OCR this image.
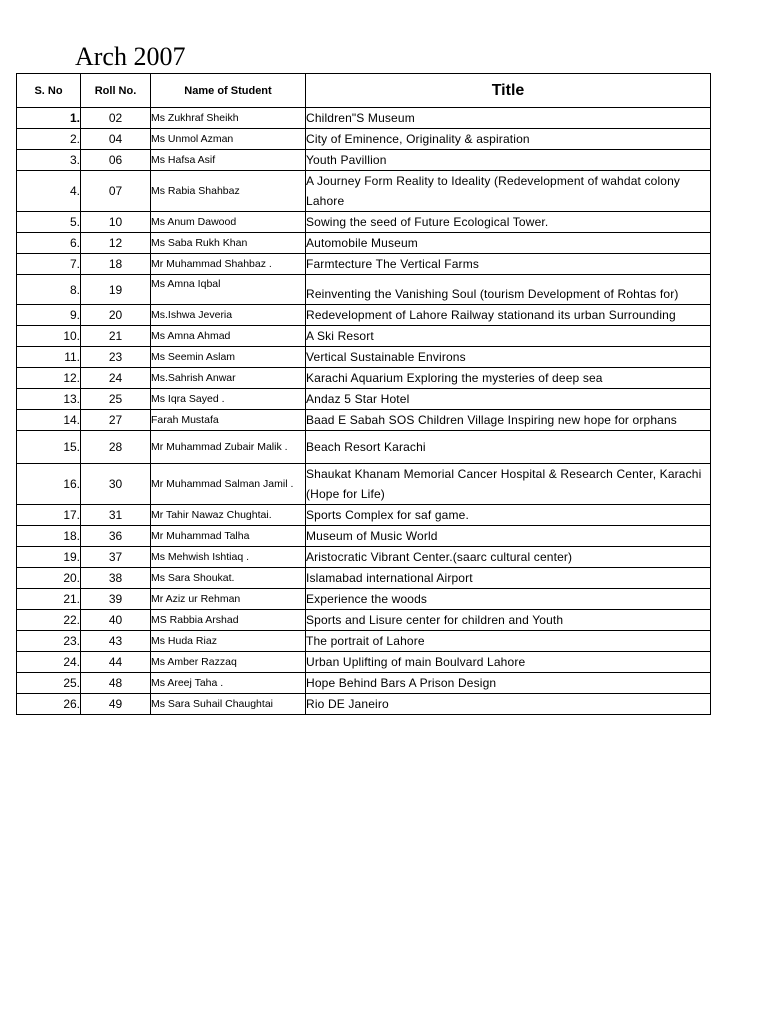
Arch 2007
S. No	Roll No.	Name of Student	Title
1.	02	Ms Zukhraf Sheikh	Children"S Museum
2.	04	Ms Unmol Azman	City of Eminence, Originality & aspiration
3.	06	Ms Hafsa Asif	Youth Pavillion
4.	07	Ms Rabia Shahbaz	A Journey Form Reality to Ideality (Redevelopment of wahdat colony Lahore
5.	10	Ms Anum Dawood	Sowing the seed of Future Ecological Tower.
6.	12	Ms Saba Rukh Khan	Automobile Museum
7.	18	Mr Muhammad Shahbaz .	Farmtecture The Vertical Farms
8.	19	Ms Amna Iqbal	Reinventing the Vanishing Soul (tourism Development of Rohtas for)
9.	20	Ms.Ishwa Jeveria	Redevelopment of Lahore Railway stationand its urban Surrounding
10.	21	Ms Amna Ahmad	A Ski Resort
11.	23	Ms Seemin Aslam	Vertical Sustainable Environs
12.	24	Ms.Sahrish Anwar	Karachi Aquarium Exploring the mysteries of deep sea
13.	25	Ms Iqra Sayed .	Andaz 5 Star Hotel
14.	27	Farah Mustafa	Baad E Sabah SOS Children Village Inspiring new hope for orphans
15.	28	Mr Muhammad Zubair Malik .	Beach Resort Karachi
16.	30	Mr Muhammad Salman Jamil .	Shaukat Khanam Memorial Cancer Hospital & Research Center, Karachi (Hope for Life)
17.	31	Mr Tahir Nawaz Chughtai.	Sports Complex for saf game.
18.	36	Mr Muhammad Talha	Museum of Music World
19.	37	Ms Mehwish Ishtiaq .	Aristocratic Vibrant Center.(saarc cultural center)
20.	38	Ms Sara Shoukat.	Islamabad international Airport
21.	39	Mr Aziz ur Rehman	Experience the woods
22.	40	MS Rabbia Arshad	Sports and Lisure center for children and Youth
23.	43	Ms Huda Riaz	The portrait of Lahore
24.	44	Ms Amber Razzaq	Urban Uplifting of main Boulvard Lahore
25.	48	Ms Areej Taha .	Hope Behind Bars A Prison Design
26.	49	Ms Sara Suhail Chaughtai	Rio DE Janeiro
